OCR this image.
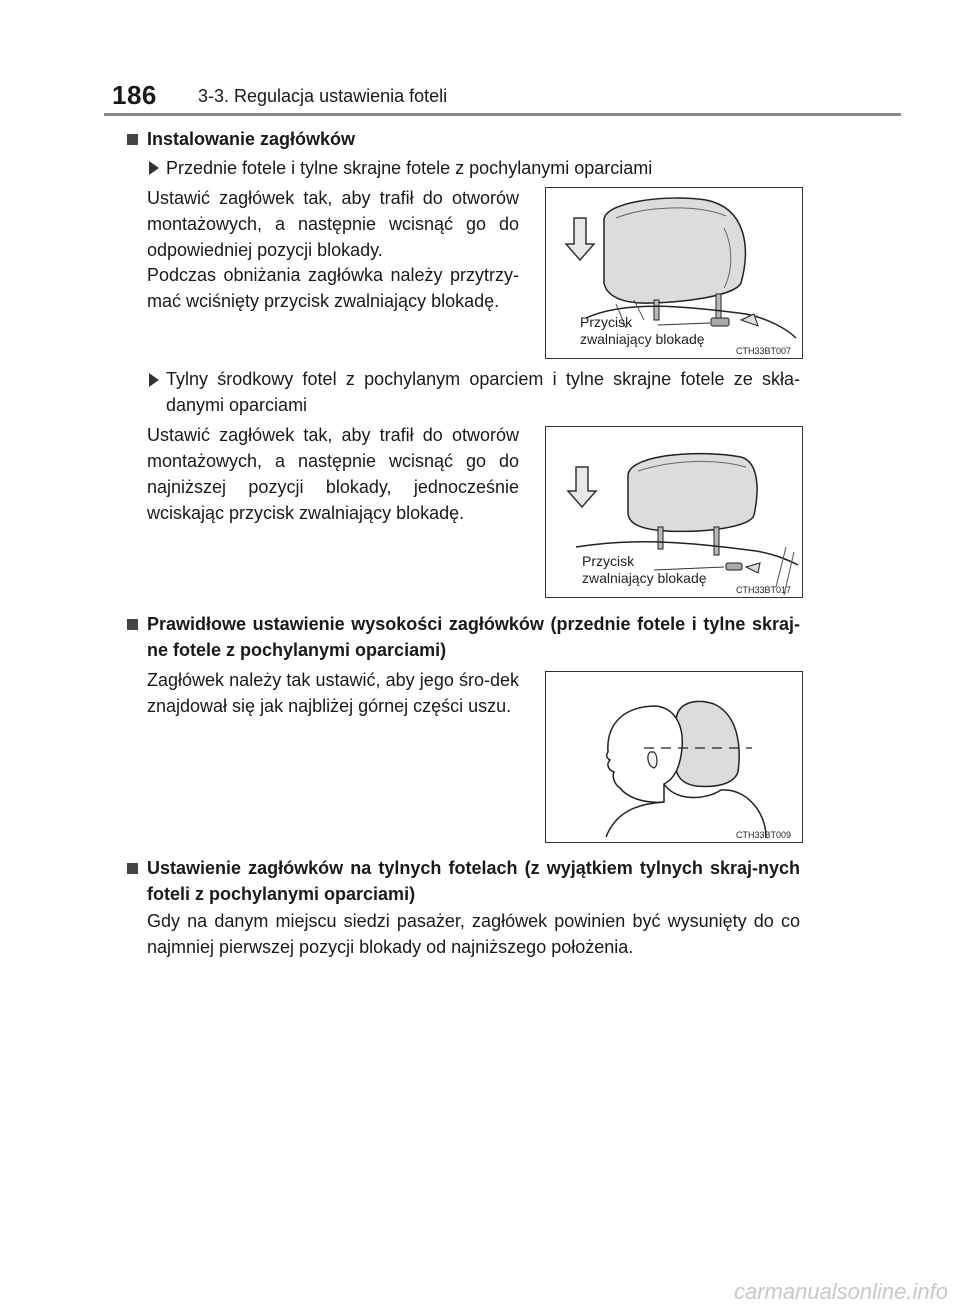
186 3-3. Regulacja ustawienia foteli
Instalowanie zagłówków
Przednie fotele i tylne skrajne fotele z pochylanymi oparciami
Ustawić zagłówek tak, aby trafił do otworów montażowych, a następnie wcisnąć go do odpowiedniej pozycji blokady.
Podczas obniżania zagłówka należy przytrzy-mać wciśnięty przycisk zwalniający blokadę.
Przycisk
zwalniający blokadę
CTH33BT007
Tylny środkowy fotel z pochylanym oparciem i tylne skrajne fotele ze skła-danymi oparciami
Ustawić zagłówek tak, aby trafił do otworów montażowych, a następnie wcisnąć go do najniższej pozycji blokady, jednocześnie wciskając przycisk zwalniający blokadę.
Przycisk
zwalniający blokadę
CTH33BT017
Prawidłowe ustawienie wysokości zagłówków (przednie fotele i tylne skraj-ne fotele z pochylanymi oparciami)
Zagłówek należy tak ustawić, aby jego śro-dek znajdował się jak najbliżej górnej części uszu.
CTH33BT009
Ustawienie zagłówków na tylnych fotelach (z wyjątkiem tylnych skraj-nych foteli z pochylanymi oparciami)
Gdy na danym miejscu siedzi pasażer, zagłówek powinien być wysunięty do co najmniej pierwszej pozycji blokady od najniższego położenia.
carmanualsonline.info
